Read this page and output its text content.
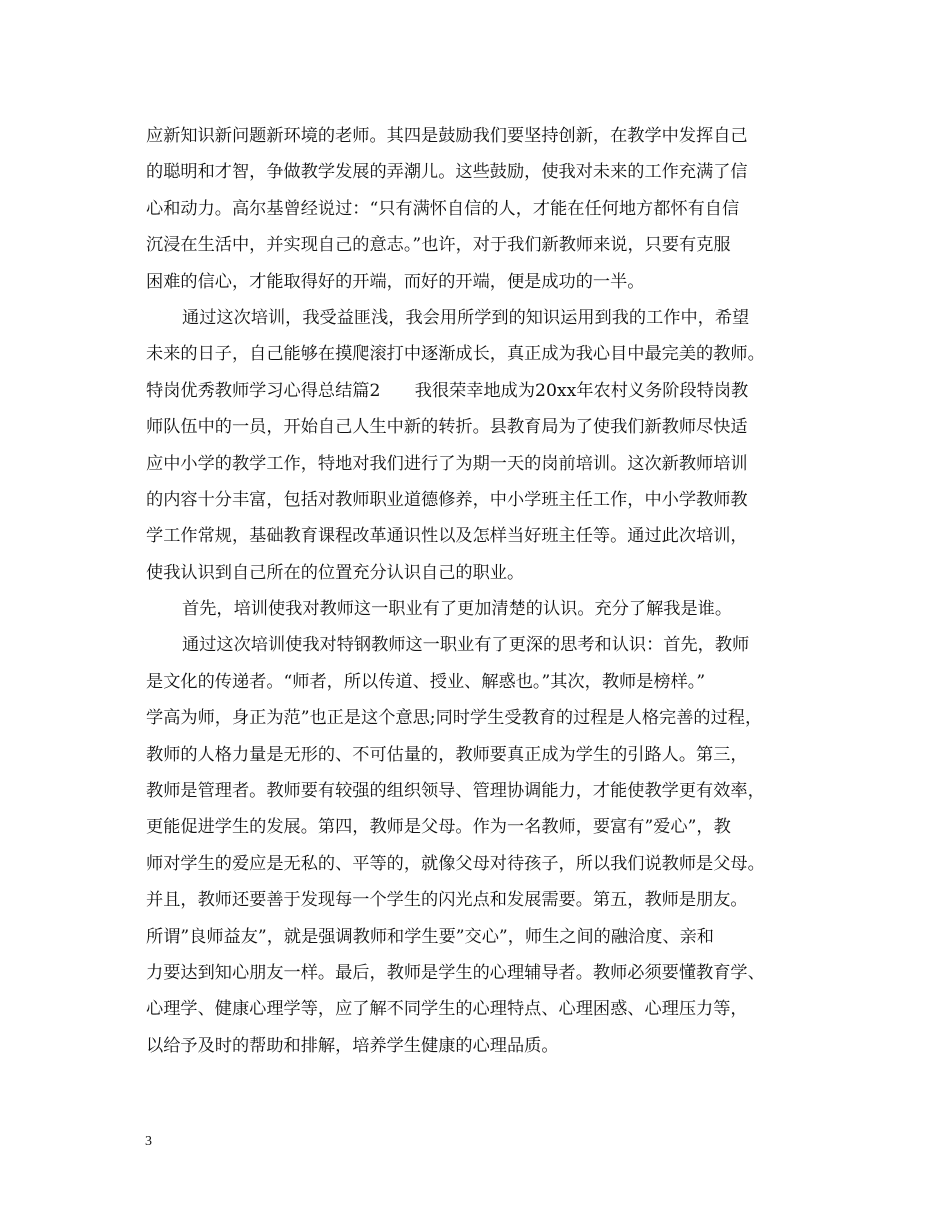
应新知识新问题新环境的老师。其四是鼓励我们要坚持创新，在教学中发挥自己
的聪明和才智，争做教学发展的弄潮儿。这些鼓励，使我对未来的工作充满了信
心和动力。高尔基曾经说过：“只有满怀自信的人，才能在任何地方都怀有自信
沉浸在生活中，并实现自己的意志。”也许，对于我们新教师来说，只要有克服
困难的信心，才能取得好的开端，而好的开端，便是成功的一半。
通过这次培训，我受益匪浅，我会用所学到的知识运用到我的工作中，希望
未来的日子，自己能够在摸爬滚打中逐渐成长，真正成为我心目中最完美的教师。
特岗优秀教师学习心得总结篇2　　我很荣幸地成为20xx年农村义务阶段特岗教
师队伍中的一员，开始自己人生中新的转折。县教育局为了使我们新教师尽快适
应中小学的教学工作，特地对我们进行了为期一天的岗前培训。这次新教师培训
的内容十分丰富，包括对教师职业道德修养，中小学班主任工作，中小学教师教
学工作常规，基础教育课程改革通识性以及怎样当好班主任等。通过此次培训，
使我认识到自己所在的位置充分认识自己的职业。
首先，培训使我对教师这一职业有了更加清楚的认识。充分了解我是谁。
通过这次培训使我对特钢教师这一职业有了更深的思考和认识：首先，教师
是文化的传递者。“师者，所以传道、授业、解惑也。”其次，教师是榜样。”
学高为师，身正为范”也正是这个意思;同时学生受教育的过程是人格完善的过程，
教师的人格力量是无形的、不可估量的，教师要真正成为学生的引路人。第三，
教师是管理者。教师要有较强的组织领导、管理协调能力，才能使教学更有效率，
更能促进学生的发展。第四，教师是父母。作为一名教师，要富有”爱心”，教
师对学生的爱应是无私的、平等的，就像父母对待孩子，所以我们说教师是父母。
并且，教师还要善于发现每一个学生的闪光点和发展需要。第五，教师是朋友。
所谓”良师益友”，就是强调教师和学生要”交心”，师生之间的融洽度、亲和
力要达到知心朋友一样。最后，教师是学生的心理辅导者。教师必须要懂教育学、
心理学、健康心理学等，应了解不同学生的心理特点、心理困惑、心理压力等，
以给予及时的帮助和排解，培养学生健康的心理品质。
3
